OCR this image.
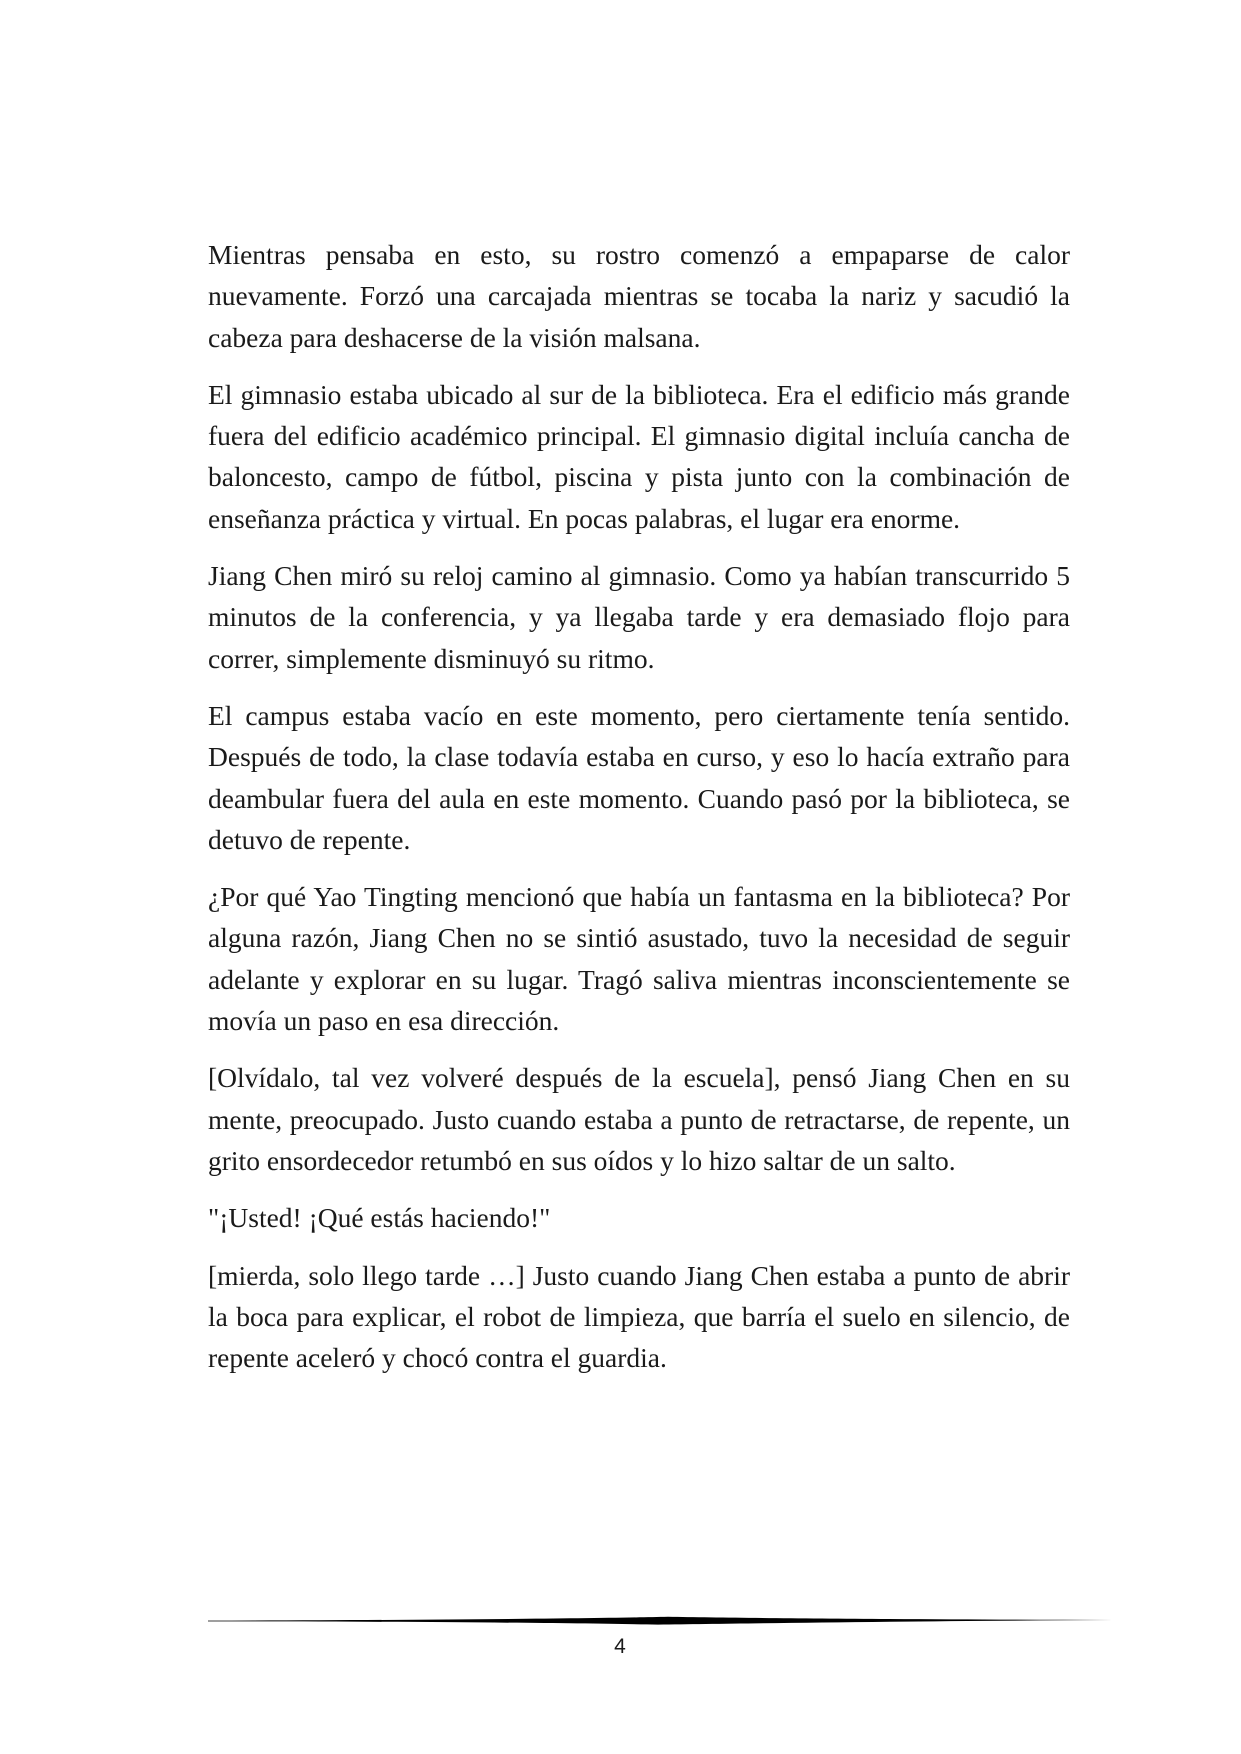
Mientras pensaba en esto, su rostro comenzó a empaparse de calor nuevamente. Forzó una carcajada mientras se tocaba la nariz y sacudió la cabeza para deshacerse de la visión malsana.

El gimnasio estaba ubicado al sur de la biblioteca. Era el edificio más grande fuera del edificio académico principal. El gimnasio digital incluía cancha de baloncesto, campo de fútbol, piscina y pista junto con la combinación de enseñanza práctica y virtual. En pocas palabras, el lugar era enorme.

Jiang Chen miró su reloj camino al gimnasio. Como ya habían transcurrido 5 minutos de la conferencia, y ya llegaba tarde y era demasiado flojo para correr, simplemente disminuyó su ritmo.

El campus estaba vacío en este momento, pero ciertamente tenía sentido. Después de todo, la clase todavía estaba en curso, y eso lo hacía extraño para deambular fuera del aula en este momento. Cuando pasó por la biblioteca, se detuvo de repente.

¿Por qué Yao Tingting mencionó que había un fantasma en la biblioteca? Por alguna razón, Jiang Chen no se sintió asustado, tuvo la necesidad de seguir adelante y explorar en su lugar. Tragó saliva mientras inconscientemente se movía un paso en esa dirección.

[Olvídalo, tal vez volveré después de la escuela], pensó Jiang Chen en su mente, preocupado. Justo cuando estaba a punto de retractarse, de repente, un grito ensordecedor retumbó en sus oídos y lo hizo saltar de un salto.

"¡Usted! ¡Qué estás haciendo!"

[mierda, solo llego tarde …] Justo cuando Jiang Chen estaba a punto de abrir la boca para explicar, el robot de limpieza, que barría el suelo en silencio, de repente aceleró y chocó contra el guardia.

4
